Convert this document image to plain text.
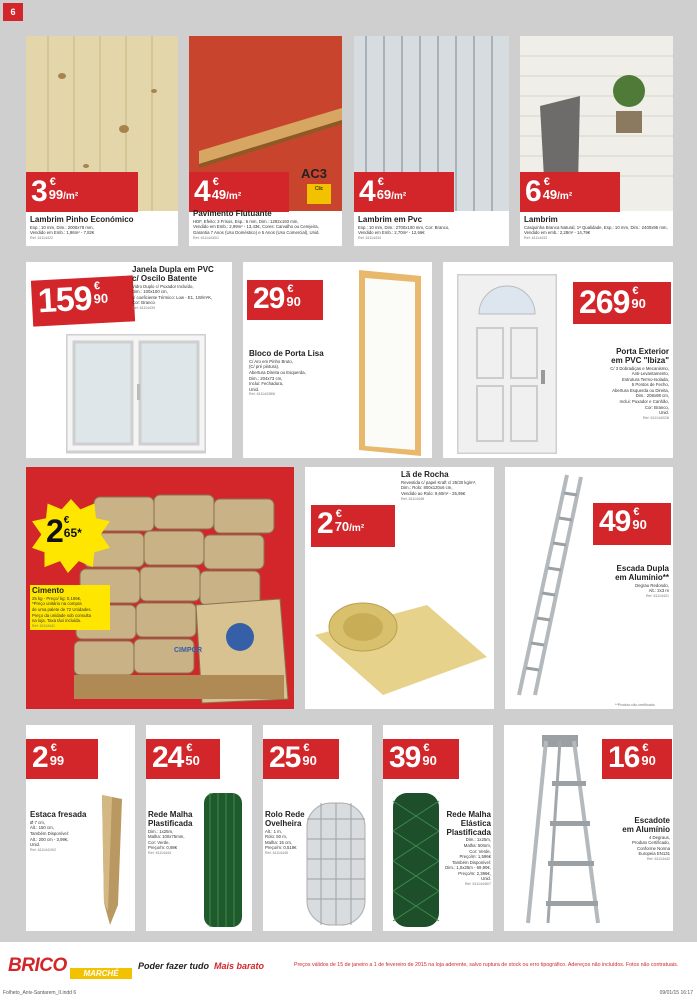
6
3 €
99/m²
Lambrim Pinho Económico
Esp.: 10 mm, Dim.: 2000x78 mm,
Vendido em Emb.: 1,96m² - 7,82€
Ref. 61114422
4 €
49/m²
AC3
Clic
Pavimento Flutuante
HDF, Efeito: 3 Frisos, Esp.: 6 mm, Dim.: 1292x193 mm,
Vendido em Emb.: 2,99m² - 13,43€, Cores: Carvalho ou Cerejeira,
Garantia 7 Anos (Uso Doméstico) e 5 Anos (Uso Comercial), Unid.
Ref. 61114430/1
4 €
69/m²
Lambrim em Pvc
Esp.: 10 mm, Dim.: 2700x100 mm, Cor: Branco,
Vendido em Emb.: 2,70m² - 12,66€
Ref. 61114434
6 €
49/m²
Lambrim
Casquinha Branca Natural, 1ª Qualidade, Esp.: 10 mm, Dim.: 2400x95 mm,
Vendido em emb.: 2,28m² - 14,79€
Ref. 61114433
159 €
90
Janela Dupla em PVC
c/ Oscilo Batente
Vidro Duplo c/ Puxador Incluído,
Dim.: 100x100 cm,
c/ coeficiente Térmico: Low - E1, 1W/m²K,
Cor: Branco
Ref. 61114439	29 €
90
Bloco de Porta Lisa
C/ Aro em Pinho Bruto,
(C/ pré pintura),
Abertura Direita ou Esquerda,
Dim.: 204x73 cm,
Inclui: Fechadura,
Unid.
Ref. 61114438/6
269 €
90
Porta Exterior
em PVC "Ibiza"
C/ 3 Dobradiças e Mecanismo,
Anti-Levantamento,
Estrutura Termo-Isolada,
5 Pontos de Fecho,
Abertura Esquerda ou Direita,
Dim.: 208x98 cm,
Inclui: Puxador e Canhão,
Cor: Branco,
Unid.
Ref. 61114402/8
CIMPOR
2 €
65*
Cimento
25 kg - Preço/ kg: 0,106€,
*Preço unitário na compra
de uma palete de 72 Unidades.
Preço da unidade sob consulta
na loja. Taxa táxi incluída.
Ref. 61114441
2 €
70/m²
Lã de Rocha
Revestida c/ papel Kraft c/ 25/30 kg/m³,
Dim.: Rolo: 800x120x6 cm,
Vendido ao Rolo: 9,60m² - 25,95€
Ref. 61114448
49 €
90
Escada Dupla
em Alumínio**
Degrau Redondo,
Alt.: 2x3 m
Ref. 61114421
**Produto não certificado
2 €
99
Estaca fresada
Ø 7 cm,
Alt.: 150 cm,
Também Disponível:
Alt.: 200 cm - 3,99€,
Unid.
Ref. 61114419/2
24 €
50
Rede Malha
Plastificada
Dim.: 1x25m,
Malha: 100x75mm,
Cor: Verde,
Preço/m: 0,98€
Ref. 61114444
25 €
90
Rolo Rede
Ovelheira
Alt.: 1 m,
Rolo: 50 m,
Malha: 15 cm,
Preço/m: 0,518€
Ref. 61114445
39 €
90
Rede Malha
Elástica
Plastificada
Dim.: 1x25m,
Malha: 50mm,
Cor: Verde,
Preço/m: 1,596€
Também Disponível:
Dim.: 1,5x25m - 59,90€,
Preço/m: 2,396€,
Unid.
Ref. 61114446/7
16 €
90
Escadote
em Alumínio
4 Degraus,
Produto Certificado,
Conforme Norma
Europeia EN131
Ref. 61114442
BRICO	MARCHÉ
Poder fazer tudo Mais barato	Preços válidos de 15 de janeiro a 1 de fevereiro de 2015 na loja aderente, salvo ruptura de stock ou erro tipográfico. Adereços não incluídos. Fotos não contratuais.
Folheto_Aniv-Santarem_II.indd 6	09/01/15 16:17
